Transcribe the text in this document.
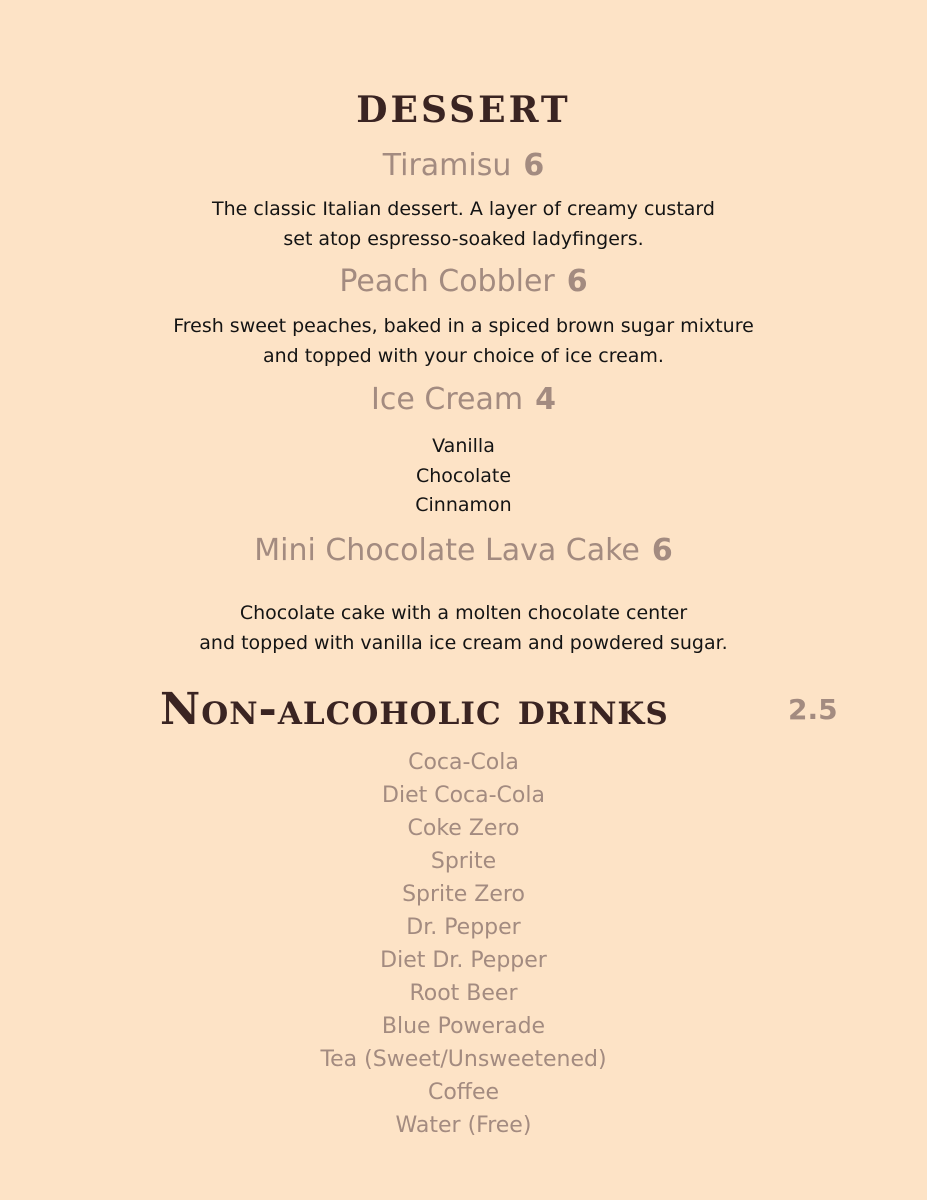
DESSERT
Tiramisu 6

The classic Italian dessert. A layer of creamy custard
set atop espresso-soaked ladyfingers.

Peach Cobbler 6

Fresh sweet peaches, baked in a spiced brown sugar mixture
and topped with your choice of ice cream.

Ice Cream 4
Vanilla
Chocolate
Cinnamon
Mini Chocolate Lava Cake 6

Chocolate cake with a molten chocolate center
and topped with vanilla ice cream and powdered sugar.

Non-alcoholic drinks	2.5
Coca-Cola
Diet Coca-Cola
Coke Zero
Sprite
Sprite Zero
Dr. Pepper
Diet Dr. Pepper
Root Beer
Blue Powerade
Tea (Sweet/Unsweetened)
Coffee
Water (Free)
